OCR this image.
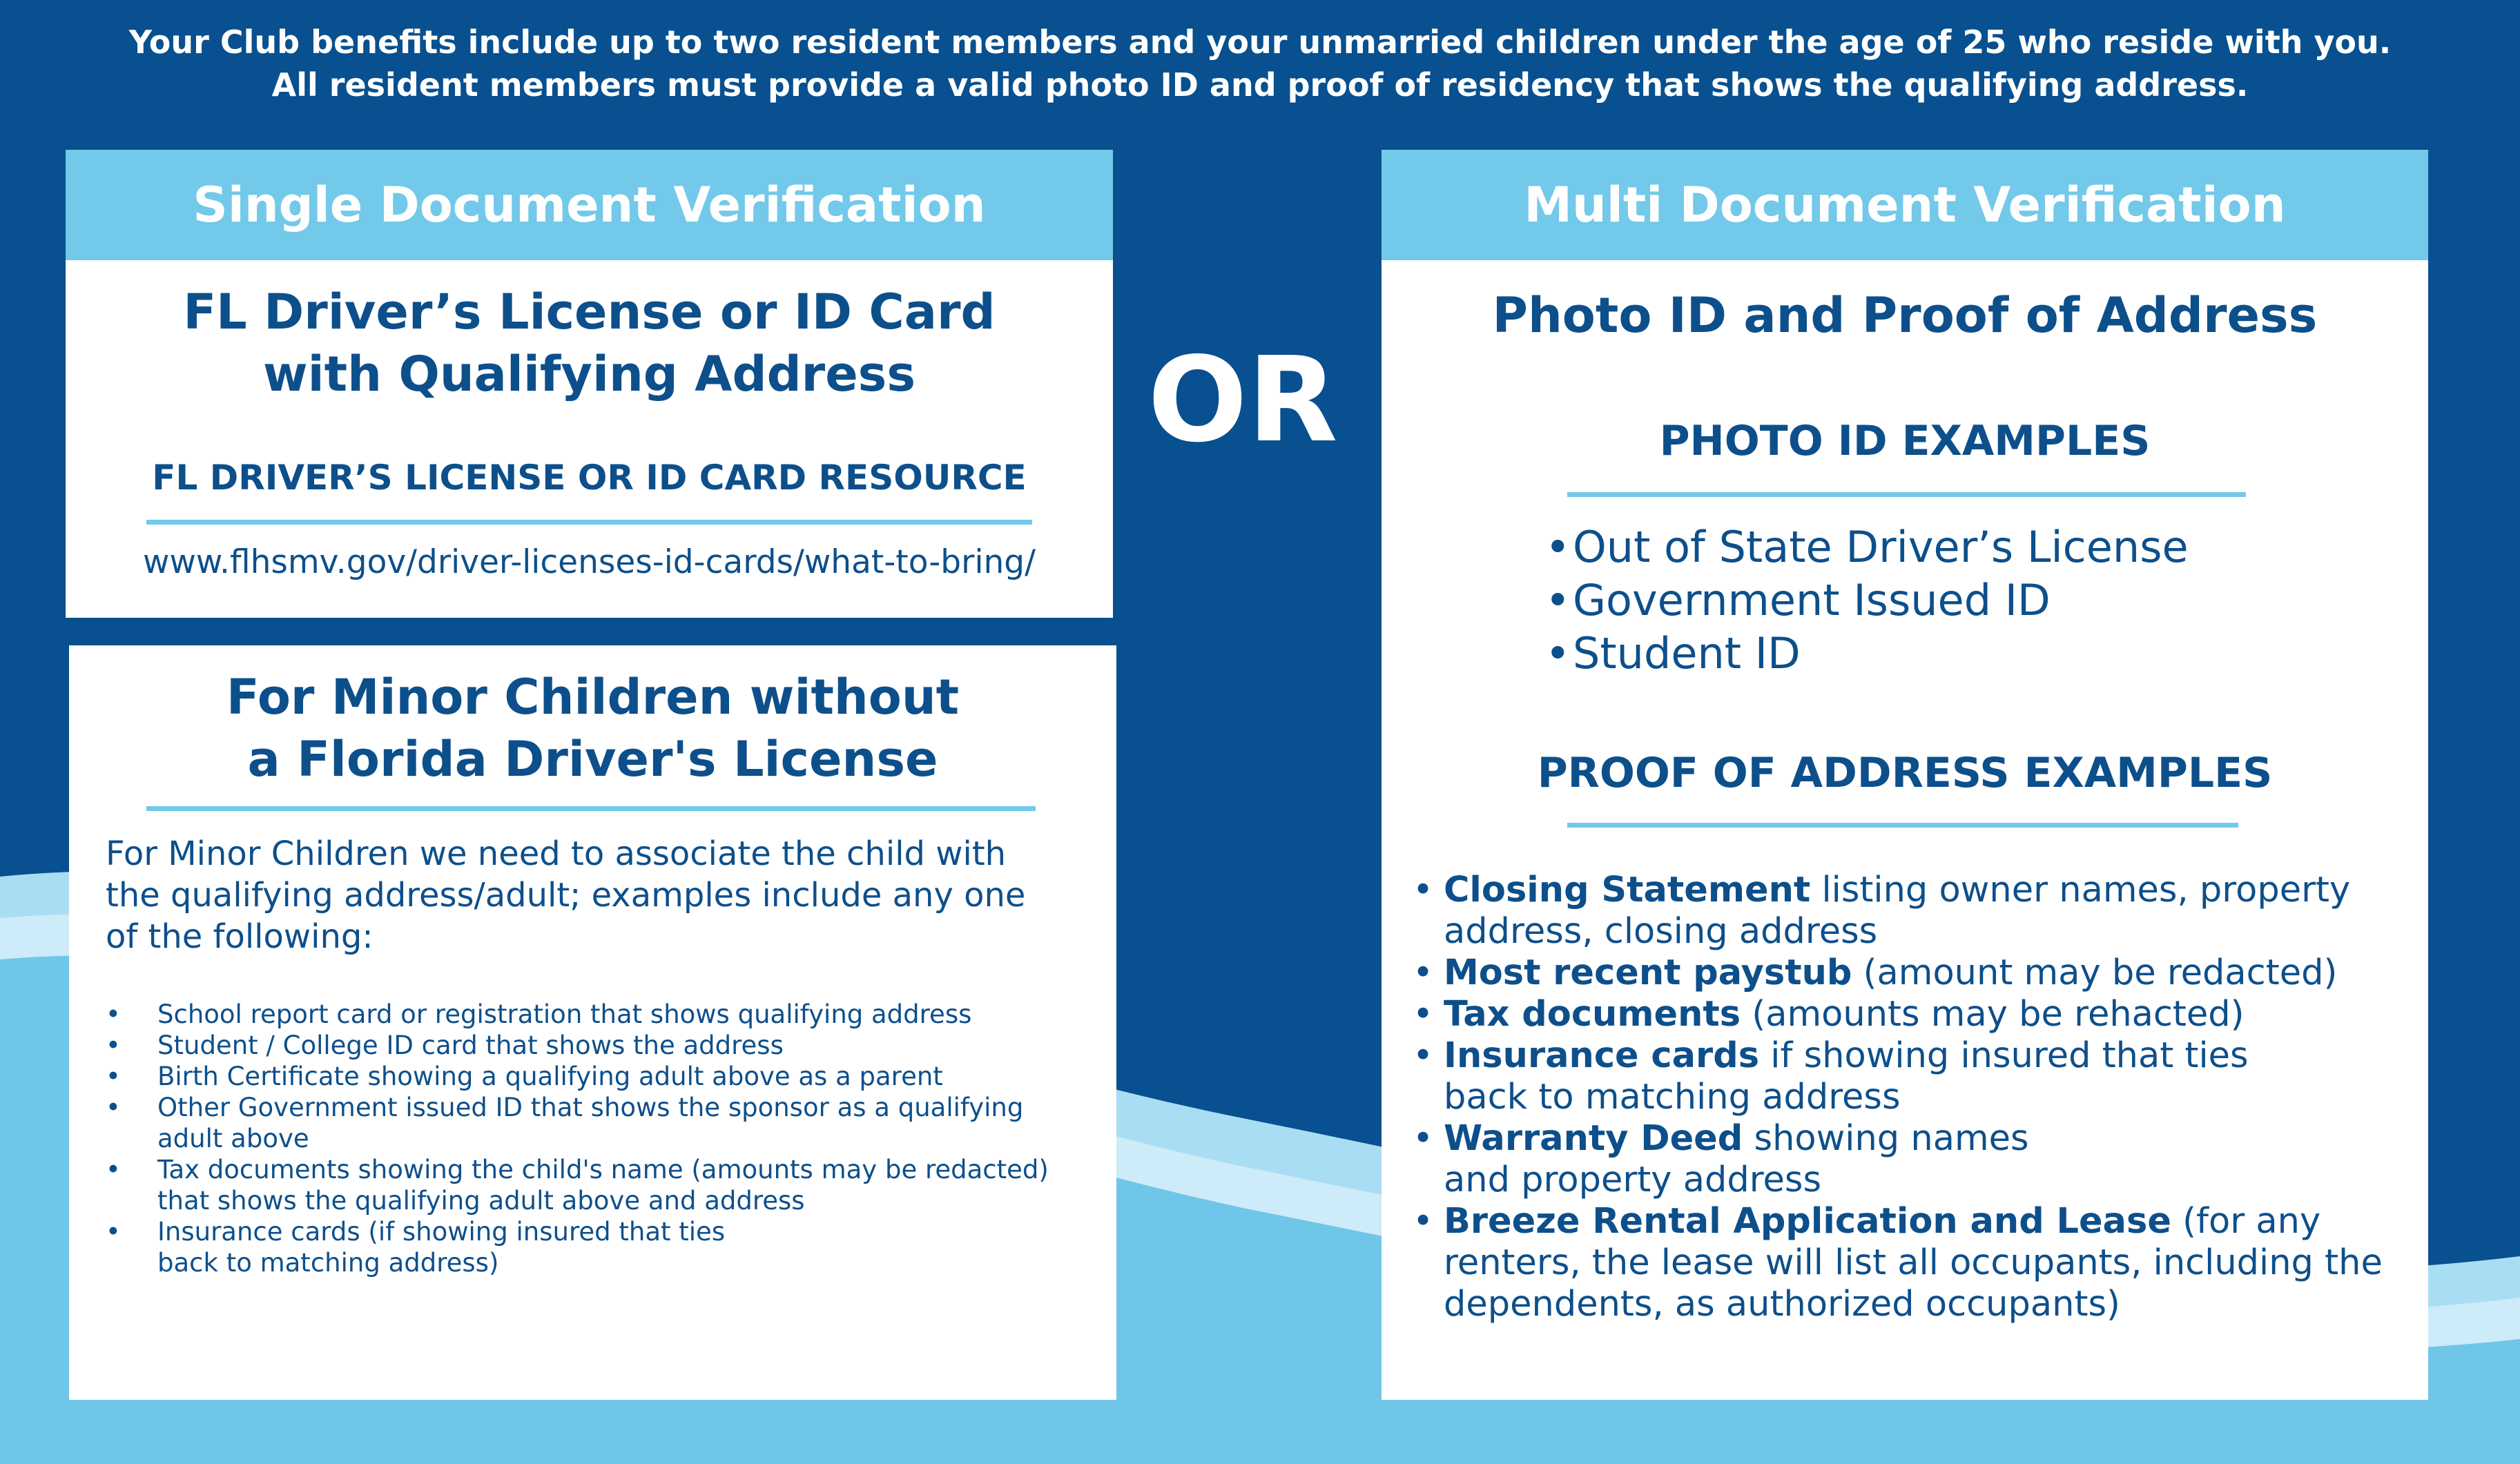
Your Club benefits include up to two resident members and your unmarried children under the age of 25 who reside with you.
All resident members must provide a valid photo ID and proof of residency that shows the qualifying address.
Single Document Verification
FL Driver’s License or ID Card
with Qualifying Address
FL DRIVER’S LICENSE OR ID CARD RESOURCE
www.flhsmv.gov/driver-licenses-id-cards/what-to-bring/
For Minor Children without
a Florida Driver's License
For Minor Children we need to associate the child with the qualifying address/adult; examples include any one of the following:
• School report card or registration that shows qualifying address
• Student / College ID card that shows the address
• Birth Certificate showing a qualifying adult above as a parent
• Other Government issued ID that shows the sponsor as a qualifying adult above
• Tax documents showing the child's name (amounts may be redacted) that shows the qualifying adult above and address
• Insurance cards (if showing insured that ties back to matching address)
OR
Multi Document Verification
Photo ID and Proof of Address
PHOTO ID EXAMPLES
• Out of State Driver’s License
• Government Issued ID
• Student ID
PROOF OF ADDRESS EXAMPLES
• Closing Statement listing owner names, property address, closing address
• Most recent paystub (amount may be redacted)
• Tax documents (amounts may be rehacted)
• Insurance cards if showing insured that ties back to matching address
• Warranty Deed showing names and property address
• Breeze Rental Application and Lease (for any renters, the lease will list all occupants, including the dependents, as authorized occupants)
